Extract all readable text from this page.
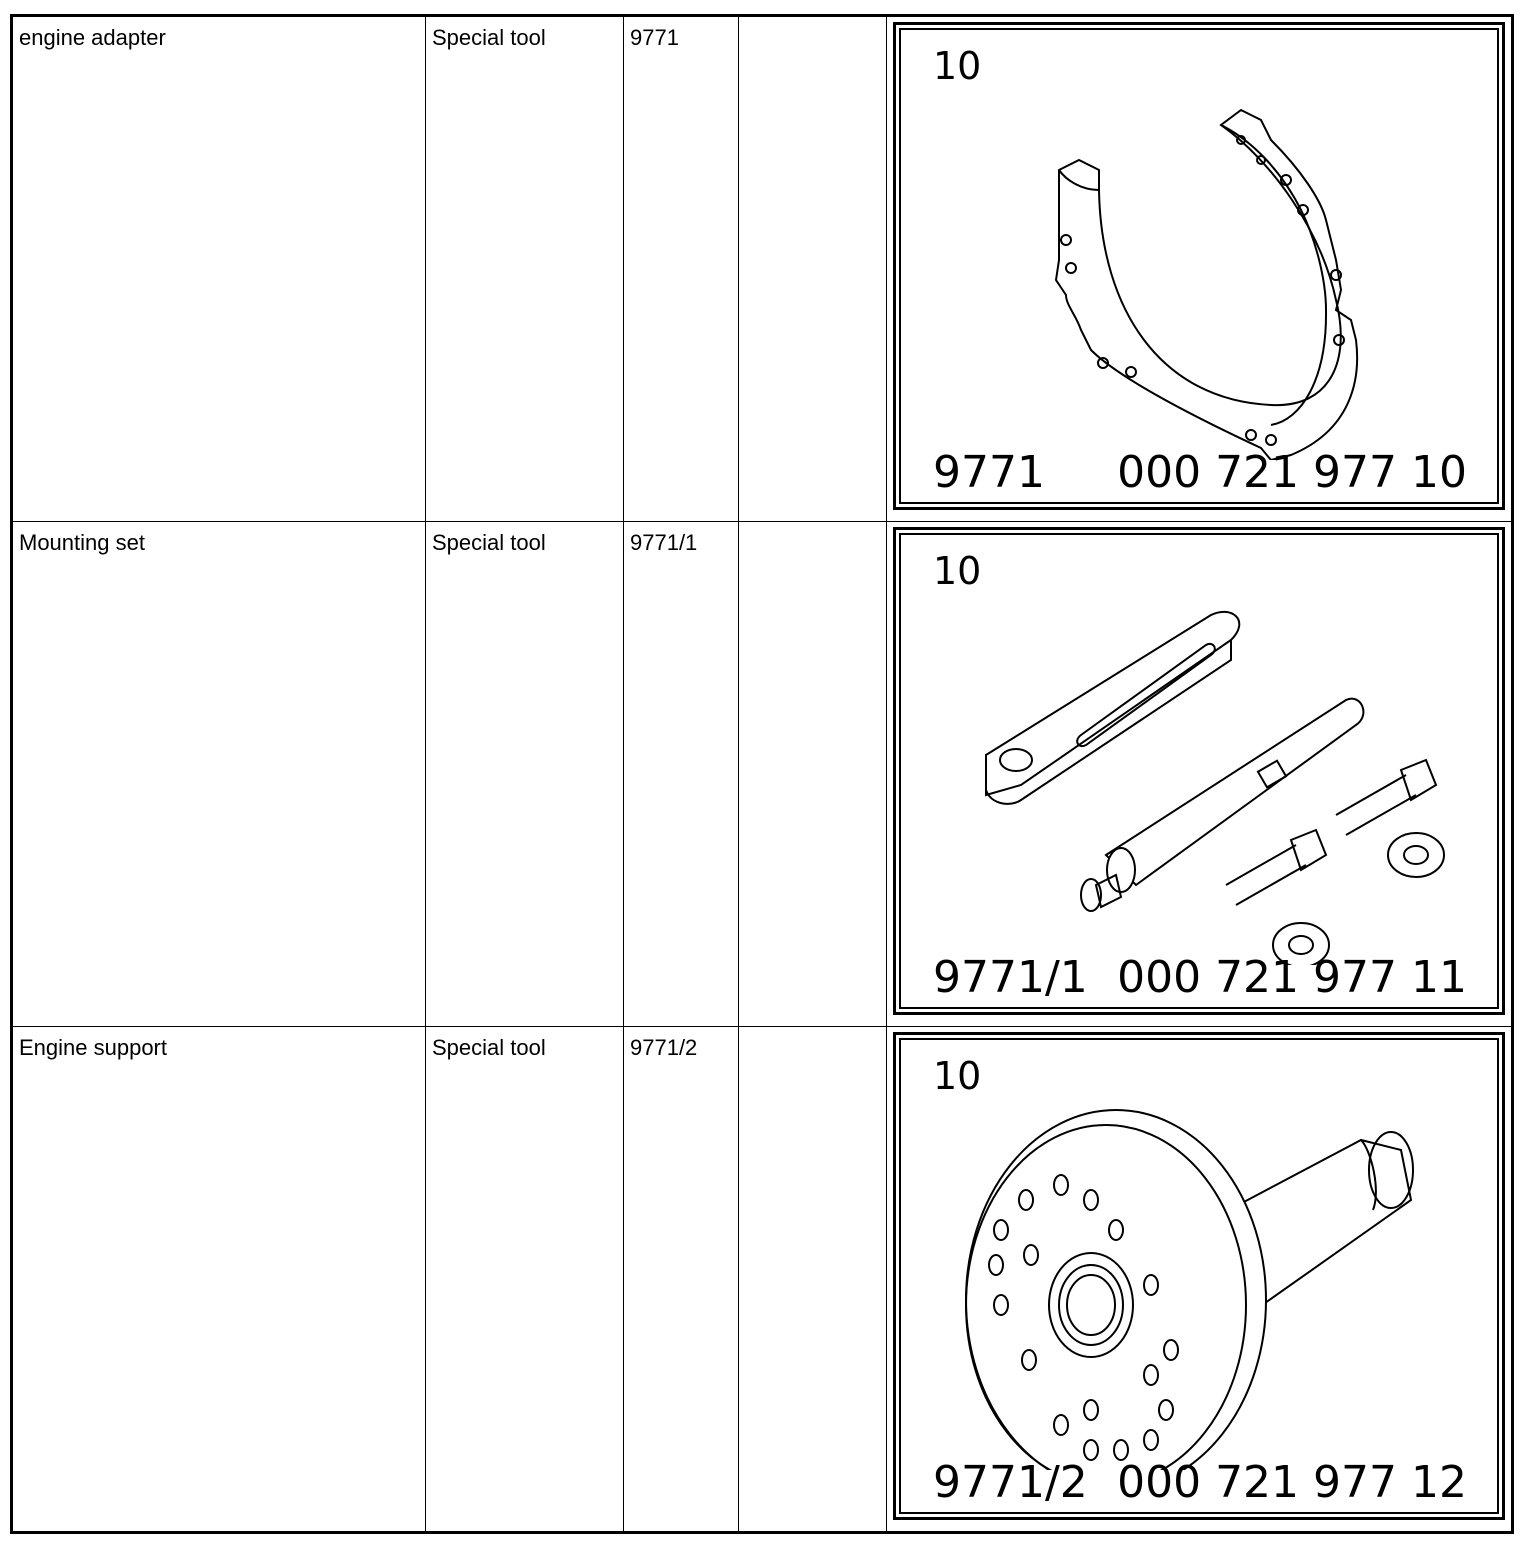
engine adapter	Special tool	9771		10
9771 000 721 977 10

Mounting set	Special tool	9771/1		10
9771/1 000 721 977 11

Engine support	Special tool	9771/2		10
9771/2 000 721 977 12
